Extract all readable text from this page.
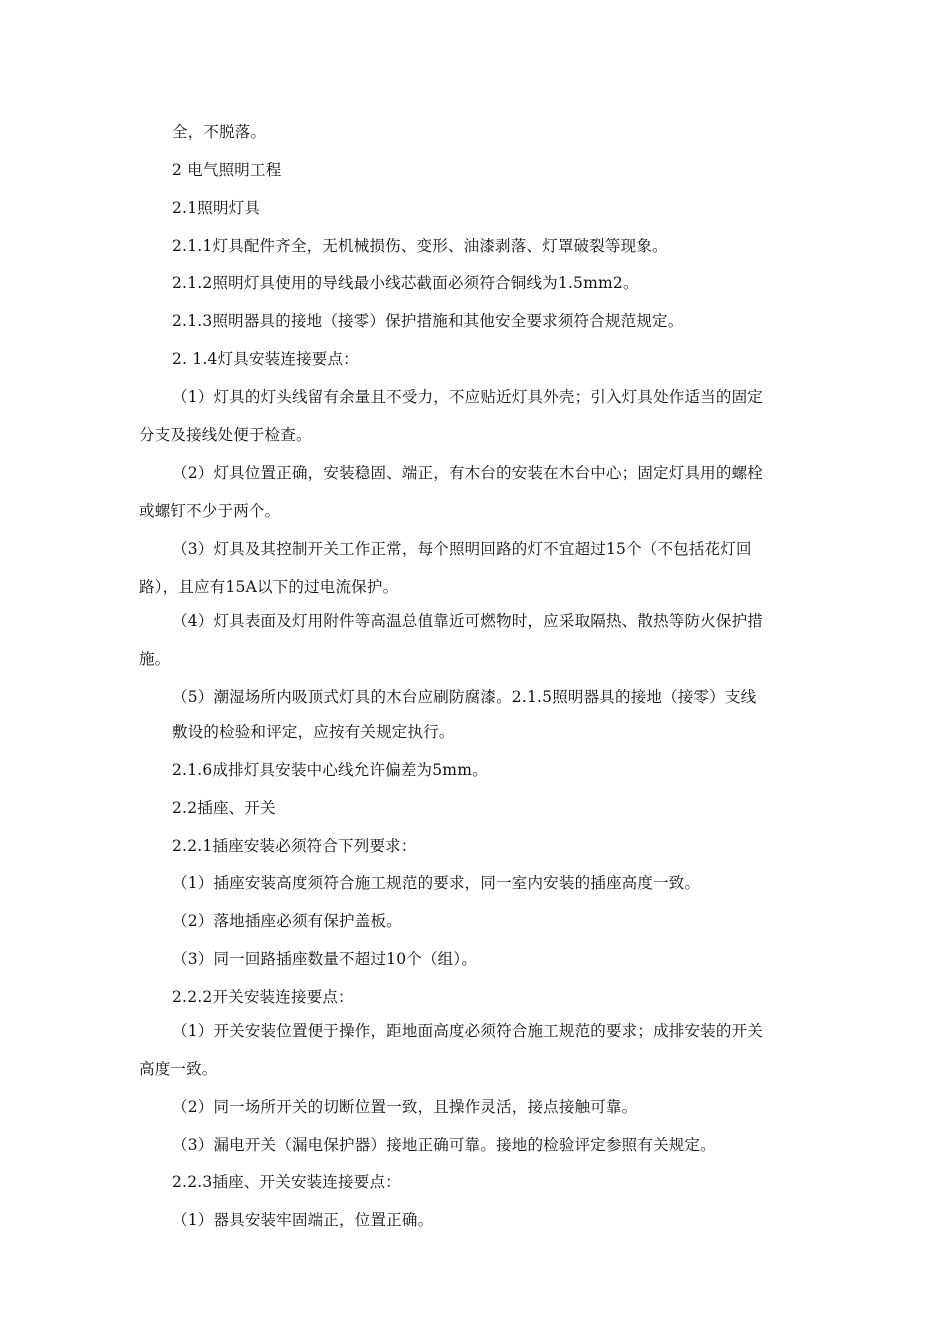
全，不脱落。
2 电气照明工程
2.1照明灯具
2.1.1灯具配件齐全，无机械损伤、变形、油漆剥落、灯罩破裂等现象。
2.1.2照明灯具使用的导线最小线芯截面必须符合铜线为1.5mm2。
2.1.3照明器具的接地（接零）保护措施和其他安全要求须符合规范规定。
2. 1.4灯具安装连接要点：
（1）灯具的灯头线留有余量且不受力，不应贴近灯具外壳；引入灯具处作适当的固定
分支及接线处便于检查。
（2）灯具位置正确，安装稳固、端正，有木台的安装在木台中心；固定灯具用的螺栓
或螺钉不少于两个。
（3）灯具及其控制开关工作正常，每个照明回路的灯不宜超过15个（不包括花灯回
路），且应有15A以下的过电流保护。
（4）灯具表面及灯用附件等高温总值靠近可燃物时，应采取隔热、散热等防火保护措
施。
（5）潮湿场所内吸顶式灯具的木台应刷防腐漆。2.1.5照明器具的接地（接零）支线
敷设的检验和评定，应按有关规定执行。
2.1.6成排灯具安装中心线允许偏差为5mm。
2.2插座、开关
2.2.1插座安装必须符合下列要求：
（1）插座安装高度须符合施工规范的要求，同一室内安装的插座高度一致。
（2）落地插座必须有保护盖板。
（3）同一回路插座数量不超过10个（组）。
2.2.2开关安装连接要点：
（1）开关安装位置便于操作，距地面高度必须符合施工规范的要求；成排安装的开关
高度一致。
（2）同一场所开关的切断位置一致，且操作灵活，接点接触可靠。
（3）漏电开关（漏电保护器）接地正确可靠。接地的检验评定参照有关规定。
2.2.3插座、开关安装连接要点：
（1）器具安装牢固端正，位置正确。
